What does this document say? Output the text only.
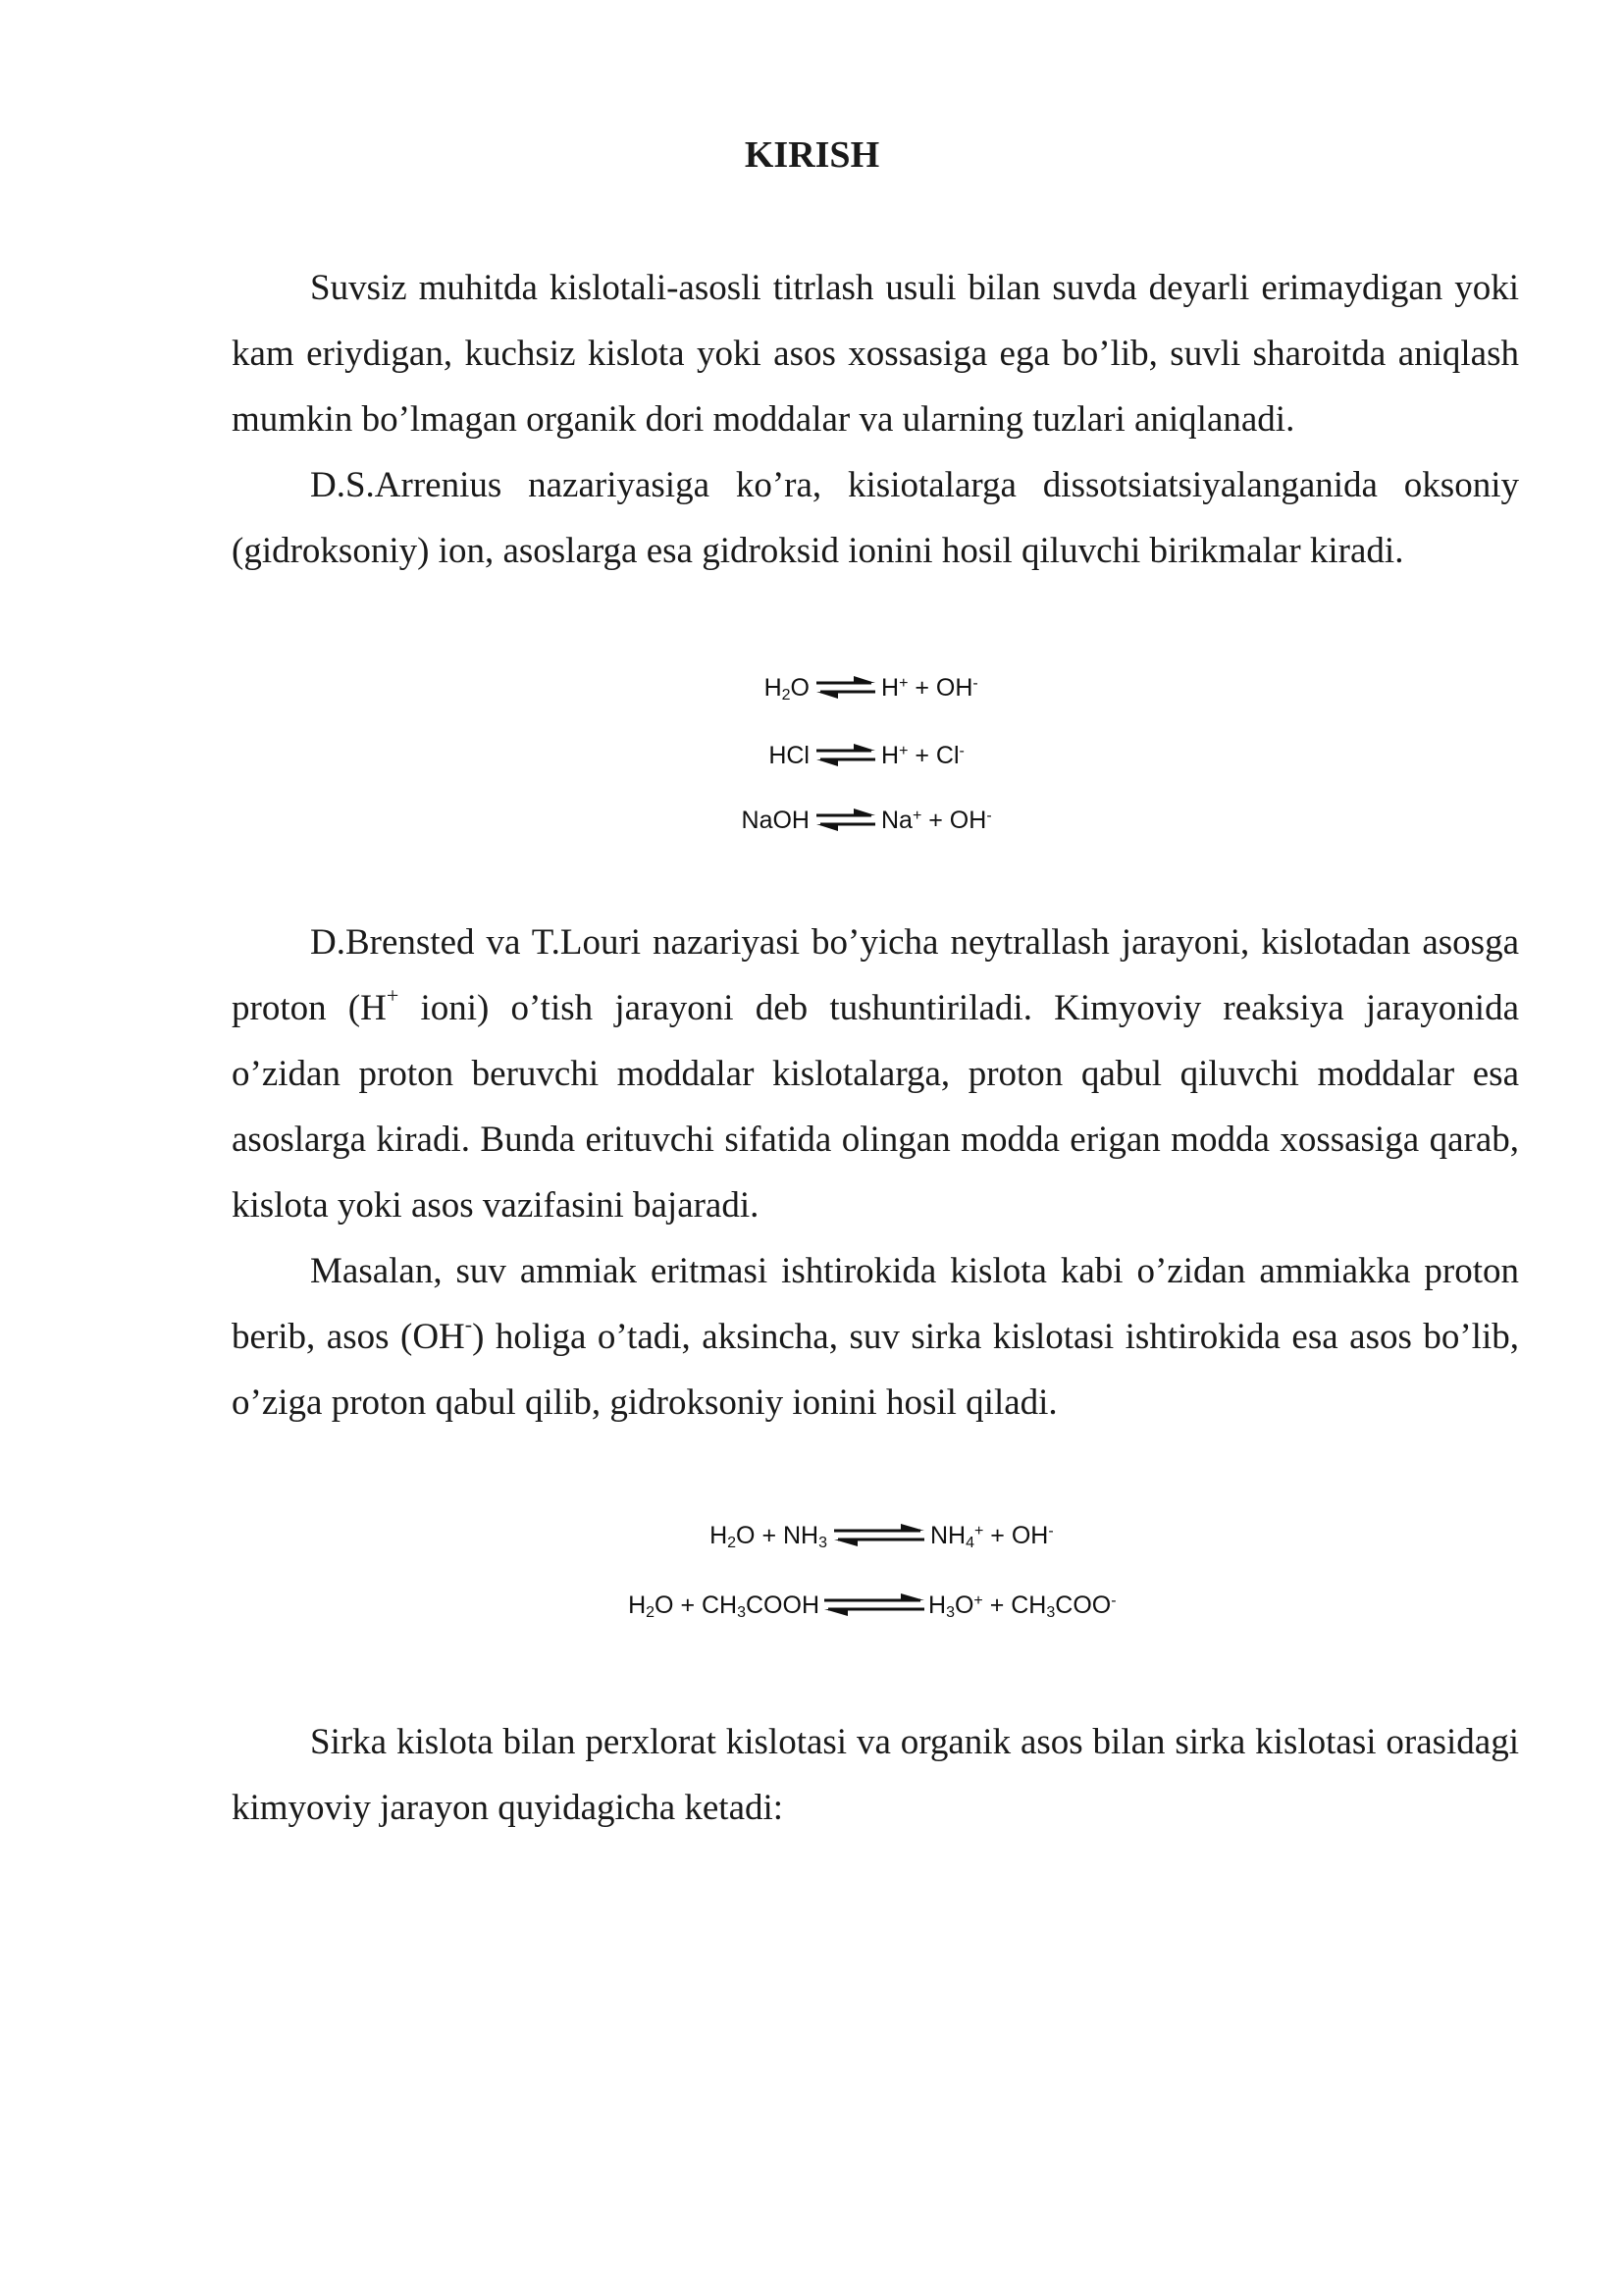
KIRISH

Suvsiz muhitda kislotali-asosli titrlash usuli bilan suvda deyarli erimaydigan yoki kam eriydigan, kuchsiz kislota yoki asos xossasiga ega bo’lib, suvli sharoitda aniqlash mumkin bo’lmagan organik dori moddalar va ularning tuzlari aniqlanadi.

D.S.Arrenius nazariyasiga ko’ra, kisiotalarga dissotsiatsiyalanganida oksoniy (gidroksoniy) ion, asoslarga esa gidroksid ionini hosil qiluvchi birikmalar kiradi.

$H_2O$ ⇌ H+ + OH-
HCl ⇌ H+ + Cl-
NaOH ⇌ Na+ + OH-

D.Brensted va T.Louri nazariyasi bo’yicha neytrallash jarayoni, kislotadan asosga proton (H+ ioni) o’tish jarayoni deb tushuntiriladi. Kimyoviy reaksiya jarayonida o’zidan proton beruvchi moddalar kislotalarga, proton qabul qiluvchi moddalar esa asoslarga kiradi. Bunda erituvchi sifatida olingan modda erigan modda xossasiga qarab, kislota yoki asos vazifasini bajaradi.

Masalan, suv ammiak eritmasi ishtirokida kislota kabi o’zidan ammiakka proton berib, asos (OH-) holiga o’tadi, aksincha, suv sirka kislotasi ishtirokida esa asos bo’lib, o’ziga proton qabul qilib, gidroksoniy ionini hosil qiladi.

$H_2O + NH_3$ ⇌ $NH_4^+ + OH^-$
$H_2O$ + $CH_3COOH$	$H_3O^+ + CH_3COO^-$

Sirka kislota bilan perxlorat kislotasi va organik asos bilan sirka kislotasi orasidagi kimyoviy jarayon quyidagicha ketadi:
